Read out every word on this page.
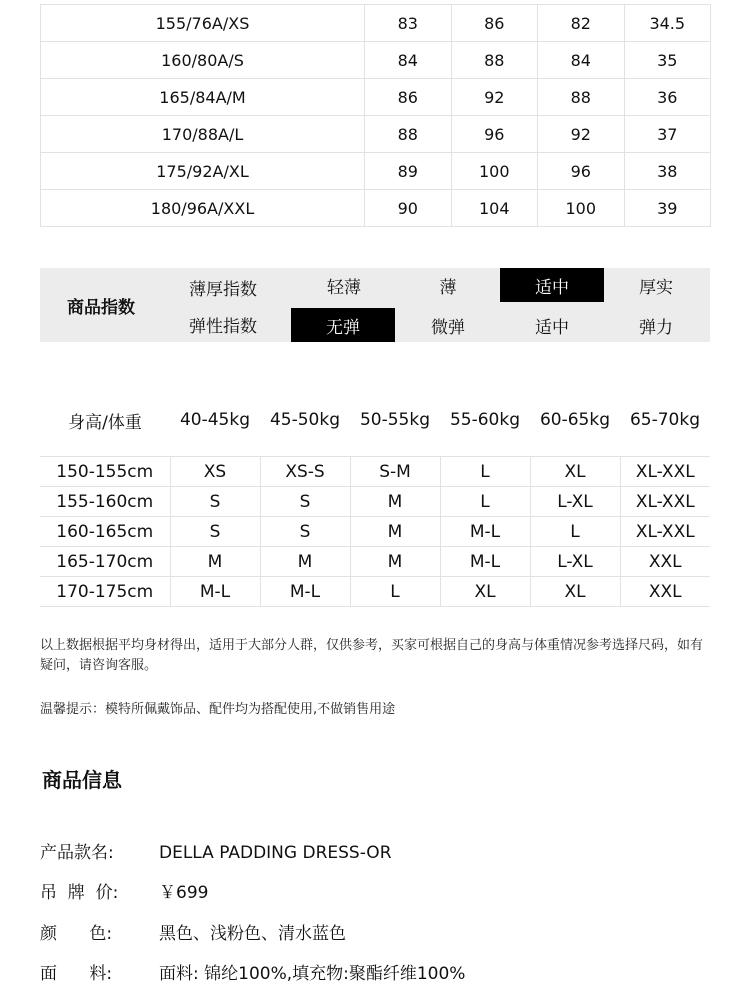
155/76A/XS	83	86	82	34.5
160/80A/S	84	88	84	35
165/84A/M	86	92	88	36
170/88A/L	88	96	92	37
175/92A/XL	89	100	96	38
180/96A/XXL	90	104	100	39
商品指数
薄厚指数	轻薄	薄	适中	厚实
弹性指数	无弹	微弹	适中	弹力
身高/体重	40-45kg	45-50kg	50-55kg	55-60kg	60-65kg	65-70kg
150-155cm	XS	XS-S	S-M	L	XL	XL-XXL
155-160cm	S	S	M	L	L-XL	XL-XXL
160-165cm	S	S	M	M-L	L	XL-XXL
165-170cm	M	M	M	M-L	L-XL	XXL
170-175cm	M-L	M-L	L	XL	XL	XXL
以上数据根据平均身材得出，适用于大部分人群，仅供参考，买家可根据自己的身高与体重情况参考选择尺码，如有疑问，请咨询客服。
温馨提示：模特所佩戴饰品、配件均为搭配使用,不做销售用途
商品信息
产品款名:	DELLA PADDING DRESS-OR
吊  牌  价: ￥699
颜      色:	黑色、浅粉色、清水蓝色
面      料:	面料: 锦纶100%,填充物:聚酯纤维100%
